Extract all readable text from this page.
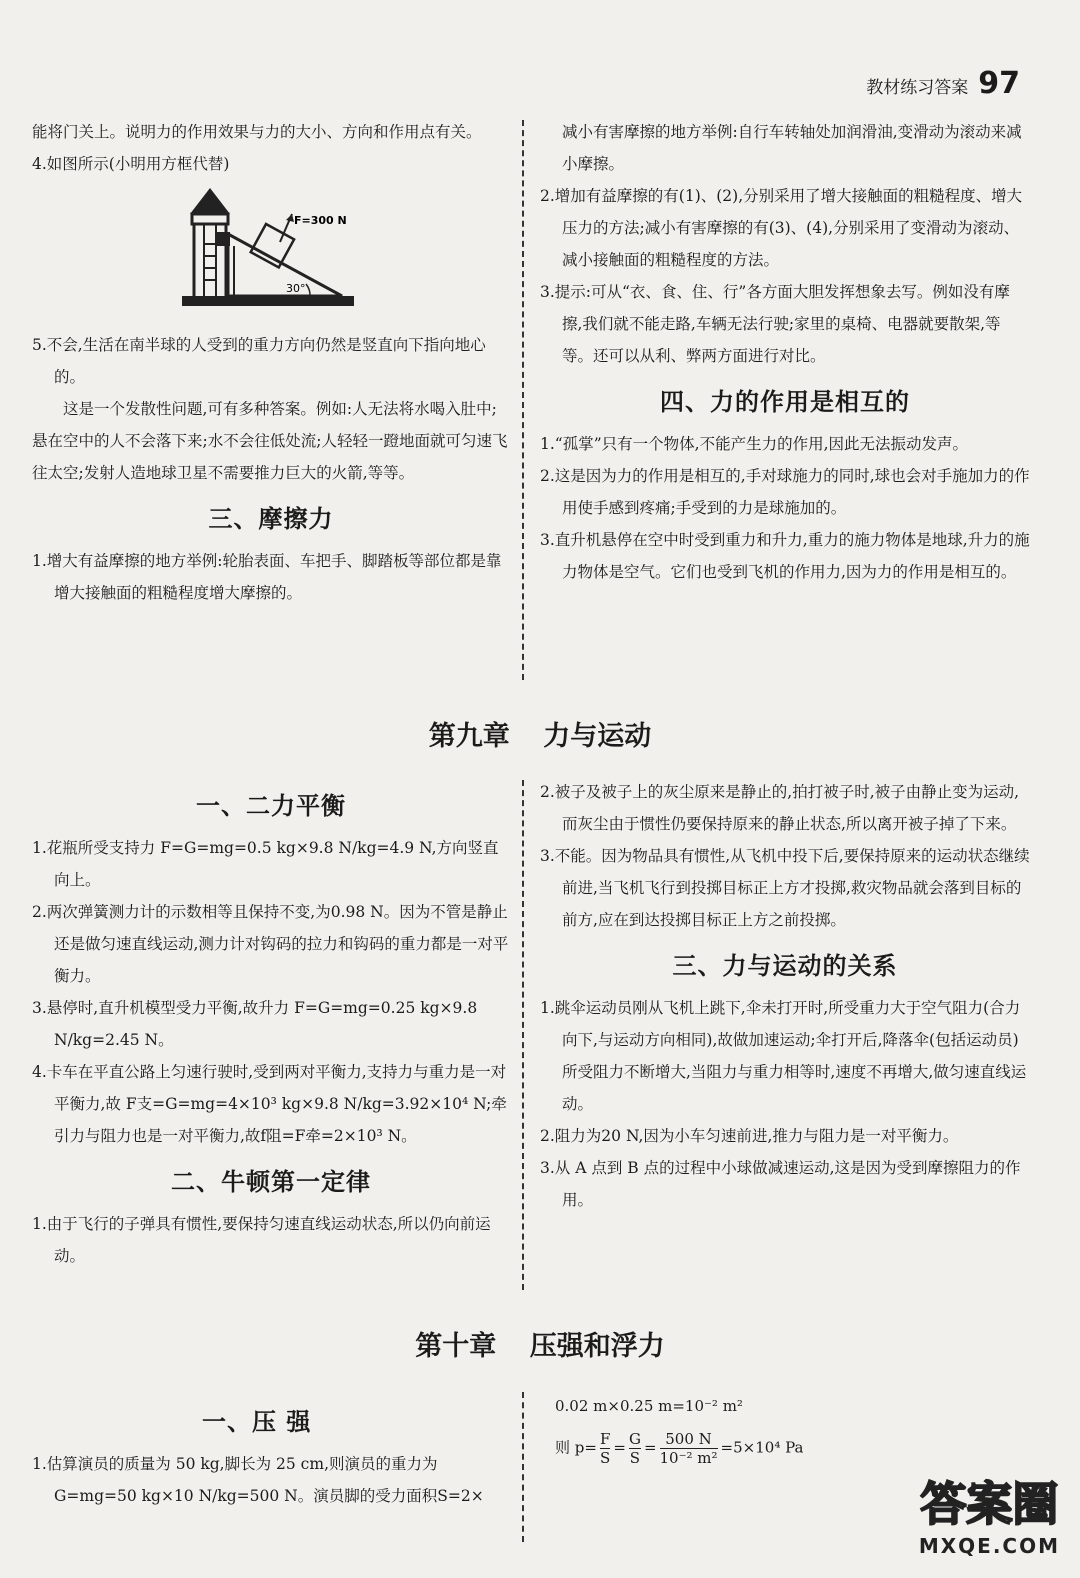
教材练习答案 97

能将门关上。说明力的作用效果与力的大小、方向和作用点有关。

4.如图所示(小明用方框代替)

F=300 N
30°

5.不会,生活在南半球的人受到的重力方向仍然是竖直向下指向地心的。

这是一个发散性问题,可有多种答案。例如:人无法将水喝入肚中;悬在空中的人不会落下来;水不会往低处流;人轻轻一蹬地面就可匀速飞往太空;发射人造地球卫星不需要推力巨大的火箭,等等。

三、摩擦力

1.增大有益摩擦的地方举例:轮胎表面、车把手、脚踏板等部位都是靠增大接触面的粗糙程度增大摩擦的。

减小有害摩擦的地方举例:自行车转轴处加润滑油,变滑动为滚动来减小摩擦。

2.增加有益摩擦的有(1)、(2),分别采用了增大接触面的粗糙程度、增大压力的方法;减小有害摩擦的有(3)、(4),分别采用了变滑动为滚动、减小接触面的粗糙程度的方法。

3.提示:可从“衣、食、住、行”各方面大胆发挥想象去写。例如没有摩擦,我们就不能走路,车辆无法行驶;家里的桌椅、电器就要散架,等等。还可以从利、弊两方面进行对比。

四、力的作用是相互的

1.“孤掌”只有一个物体,不能产生力的作用,因此无法振动发声。

2.这是因为力的作用是相互的,手对球施力的同时,球也会对手施加力的作用使手感到疼痛;手受到的力是球施加的。

3.直升机悬停在空中时受到重力和升力,重力的施力物体是地球,升力的施力物体是空气。它们也受到飞机的作用力,因为力的作用是相互的。

第九章 力与运动
一、二力平衡

1.花瓶所受支持力 F=G=mg=0.5 kg×9.8 N/kg=4.9 N,方向竖直向上。

2.两次弹簧测力计的示数相等且保持不变,为0.98 N。因为不管是静止还是做匀速直线运动,测力计对钩码的拉力和钩码的重力都是一对平衡力。

3.悬停时,直升机模型受力平衡,故升力 F=G=mg=0.25 kg×9.8 N/kg=2.45 N。

4.卡车在平直公路上匀速行驶时,受到两对平衡力,支持力与重力是一对平衡力,故 F支=G=mg=4×10³ kg×9.8 N/kg=3.92×10⁴ N;牵引力与阻力也是一对平衡力,故f阻=F牵=2×10³ N。

二、牛顿第一定律

1.由于飞行的子弹具有惯性,要保持匀速直线运动状态,所以仍向前运动。

2.被子及被子上的灰尘原来是静止的,拍打被子时,被子由静止变为运动,而灰尘由于惯性仍要保持原来的静止状态,所以离开被子掉了下来。

3.不能。因为物品具有惯性,从飞机中投下后,要保持原来的运动状态继续前进,当飞机飞行到投掷目标正上方才投掷,救灾物品就会落到目标的前方,应在到达投掷目标正上方之前投掷。

三、力与运动的关系

1.跳伞运动员刚从飞机上跳下,伞未打开时,所受重力大于空气阻力(合力向下,与运动方向相同),故做加速运动;伞打开后,降落伞(包括运动员)所受阻力不断增大,当阻力与重力相等时,速度不再增大,做匀速直线运动。

2.阻力为20 N,因为小车匀速前进,推力与阻力是一对平衡力。

3.从 A 点到 B 点的过程中小球做减速运动,这是因为受到摩擦阻力的作用。

第十章 压强和浮力
一、压 强

1.估算演员的质量为 50 kg,脚长为 25 cm,则演员的重力为 G=mg=50 kg×10 N/kg=500 N。演员脚的受力面积S=2×

0.02 m×0.25 m=10⁻² m²

则 $p= \frac{F}{S} = \frac{G}{S} = \frac{500 N}{\text{10⁻² m²}} =5\times 10^4$ Pa

答案圈
MXQE.COM
